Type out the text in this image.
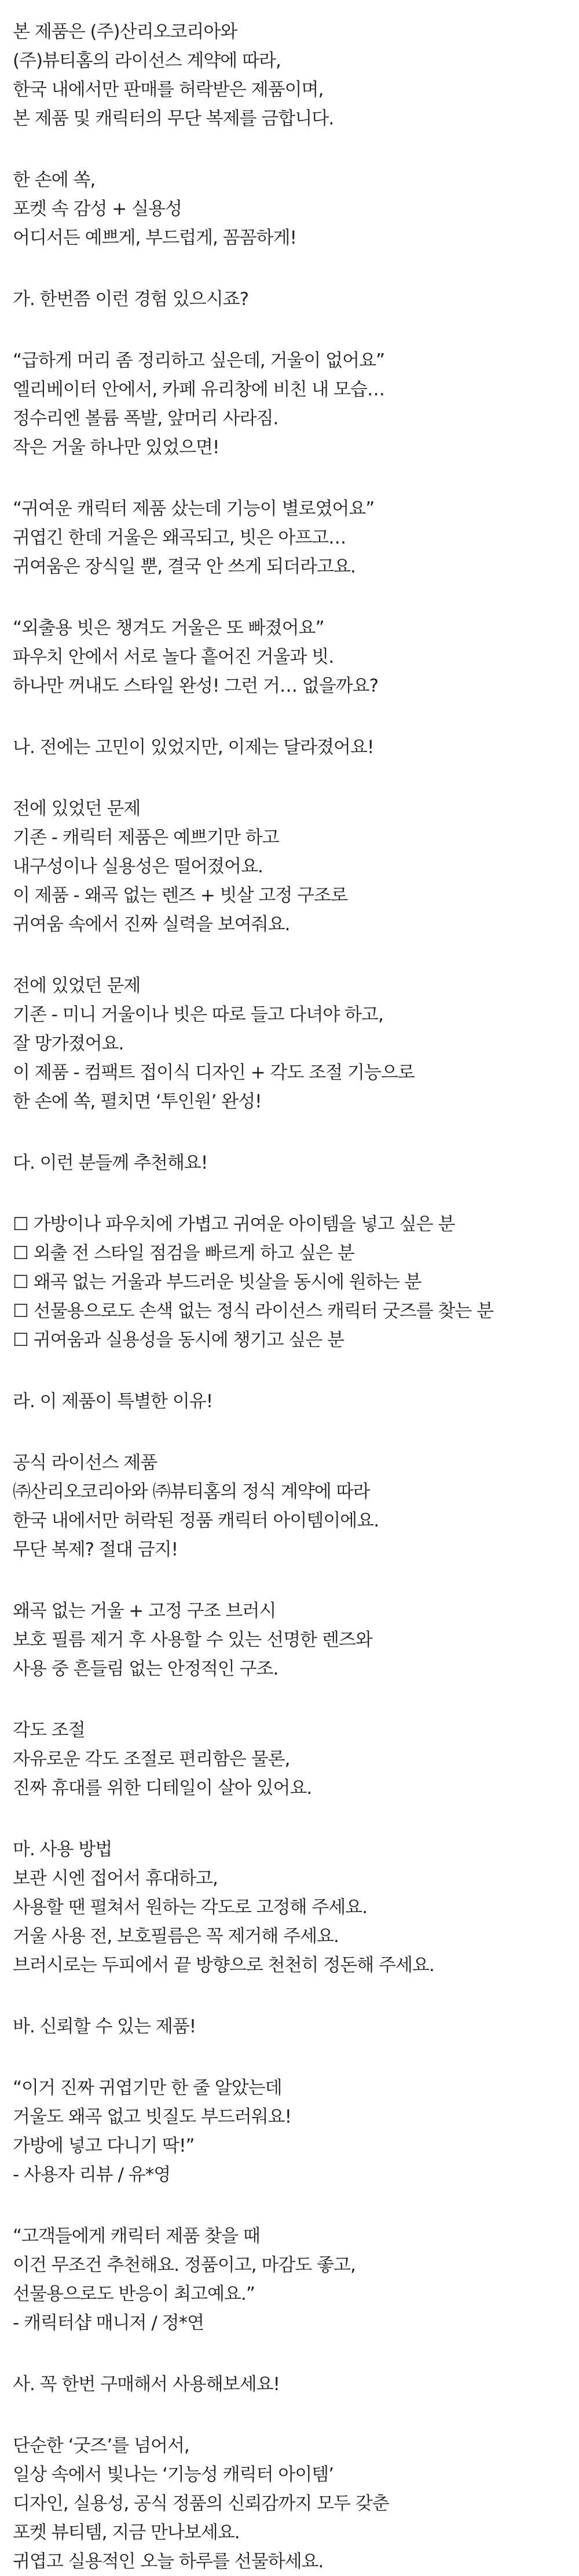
본 제품은 (주)산리오코리아와
(주)뷰티홈의 라이선스 계약에 따라,
한국 내에서만 판매를 허락받은 제품이며,
본 제품 및 캐릭터의 무단 복제를 금합니다.
한 손에 쏙,
포켓 속 감성 + 실용성
어디서든 예쁘게, 부드럽게, 꼼꼼하게!
가. 한번쯤 이런 경험 있으시죠?
“급하게 머리 좀 정리하고 싶은데, 거울이 없어요”
엘리베이터 안에서, 카페 유리창에 비친 내 모습…
정수리엔 볼륨 폭발, 앞머리 사라짐.
작은 거울 하나만 있었으면!
“귀여운 캐릭터 제품 샀는데 기능이 별로였어요”
귀엽긴 한데 거울은 왜곡되고, 빗은 아프고…
귀여움은 장식일 뿐, 결국 안 쓰게 되더라고요.
“외출용 빗은 챙겨도 거울은 또 빠졌어요”
파우치 안에서 서로 놀다 흩어진 거울과 빗.
하나만 꺼내도 스타일 완성! 그런 거… 없을까요?
나. 전에는 고민이 있었지만, 이제는 달라졌어요!
전에 있었던 문제
기존 - 캐릭터 제품은 예쁘기만 하고
내구성이나 실용성은 떨어졌어요.
이 제품 - 왜곡 없는 렌즈 + 빗살 고정 구조로
귀여움 속에서 진짜 실력을 보여줘요.
전에 있었던 문제
기존 - 미니 거울이나 빗은 따로 들고 다녀야 하고,
잘 망가졌어요.
이 제품 - 컴팩트 접이식 디자인 + 각도 조절 기능으로
한 손에 쏙, 펼치면 ‘투인원’ 완성!
다. 이런 분들께 추천해요!
☐ 가방이나 파우치에 가볍고 귀여운 아이템을 넣고 싶은 분
☐ 외출 전 스타일 점검을 빠르게 하고 싶은 분
☐ 왜곡 없는 거울과 부드러운 빗살을 동시에 원하는 분
☐ 선물용으로도 손색 없는 정식 라이선스 캐릭터 굿즈를 찾는 분
☐ 귀여움과 실용성을 동시에 챙기고 싶은 분
라. 이 제품이 특별한 이유!
공식 라이선스 제품
㈜산리오코리아와 ㈜뷰티홈의 정식 계약에 따라
한국 내에서만 허락된 정품 캐릭터 아이템이에요.
무단 복제? 절대 금지!
왜곡 없는 거울 + 고정 구조 브러시
보호 필름 제거 후 사용할 수 있는 선명한 렌즈와
사용 중 흔들림 없는 안정적인 구조.
각도 조절
자유로운 각도 조절로 편리함은 물론,
진짜 휴대를 위한 디테일이 살아 있어요.
마. 사용 방법
보관 시엔 접어서 휴대하고,
사용할 땐 펼쳐서 원하는 각도로 고정해 주세요.
거울 사용 전, 보호필름은 꼭 제거해 주세요.
브러시로는 두피에서 끝 방향으로 천천히 정돈해 주세요.
바. 신뢰할 수 있는 제품!
“이거 진짜 귀엽기만 한 줄 알았는데
거울도 왜곡 없고 빗질도 부드러워요!
가방에 넣고 다니기 딱!”
- 사용자 리뷰 / 유*영
“고객들에게 캐릭터 제품 찾을 때
이건 무조건 추천해요. 정품이고, 마감도 좋고,
선물용으로도 반응이 최고예요.”
- 캐릭터샵 매니저 / 정*연
사. 꼭 한번 구매해서 사용해보세요!
단순한 ‘굿즈’를 넘어서,
일상 속에서 빛나는 ‘기능성 캐릭터 아이템’
디자인, 실용성, 공식 정품의 신뢰감까지 모두 갖춘
포켓 뷰티템, 지금 만나보세요.
귀엽고 실용적인 오늘 하루를 선물하세요.
